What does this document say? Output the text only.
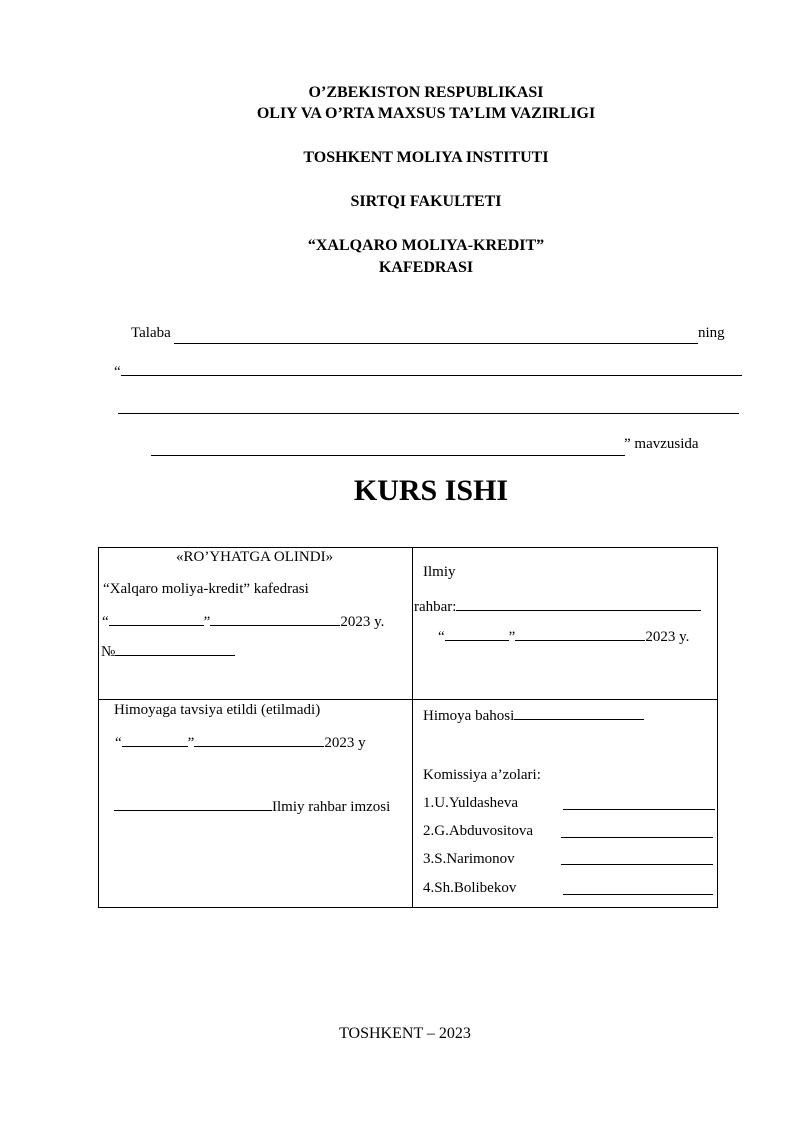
O’ZBEKISTON RESPUBLIKASI
OLIY VA O’RTA MAXSUS TA’LIM VAZIRLIGI
TOSHKENT MOLIYA INSTITUTI
SIRTQI FAKULTETI
“XALQARO MOLIYA-KREDIT”
KAFEDRASI
Talaba	ning
“
” mavzusida
KURS ISHI
«RO’YHATGA OLINDI»
“Xalqaro moliya-kredit” kafedrasi
“	”	2023 y.
№
Ilmiy
rahbar:
“	”	2023 y.
Himoyaga tavsiya etildi (etilmadi)
“	”	2023 y
Ilmiy rahbar imzosi
Himoya bahosi
Komissiya a’zolari:
1.U.Yuldasheva
2.G.Abduvositova
3.S.Narimonov
4.Sh.Bolibekov
TOSHKENT – 2023
